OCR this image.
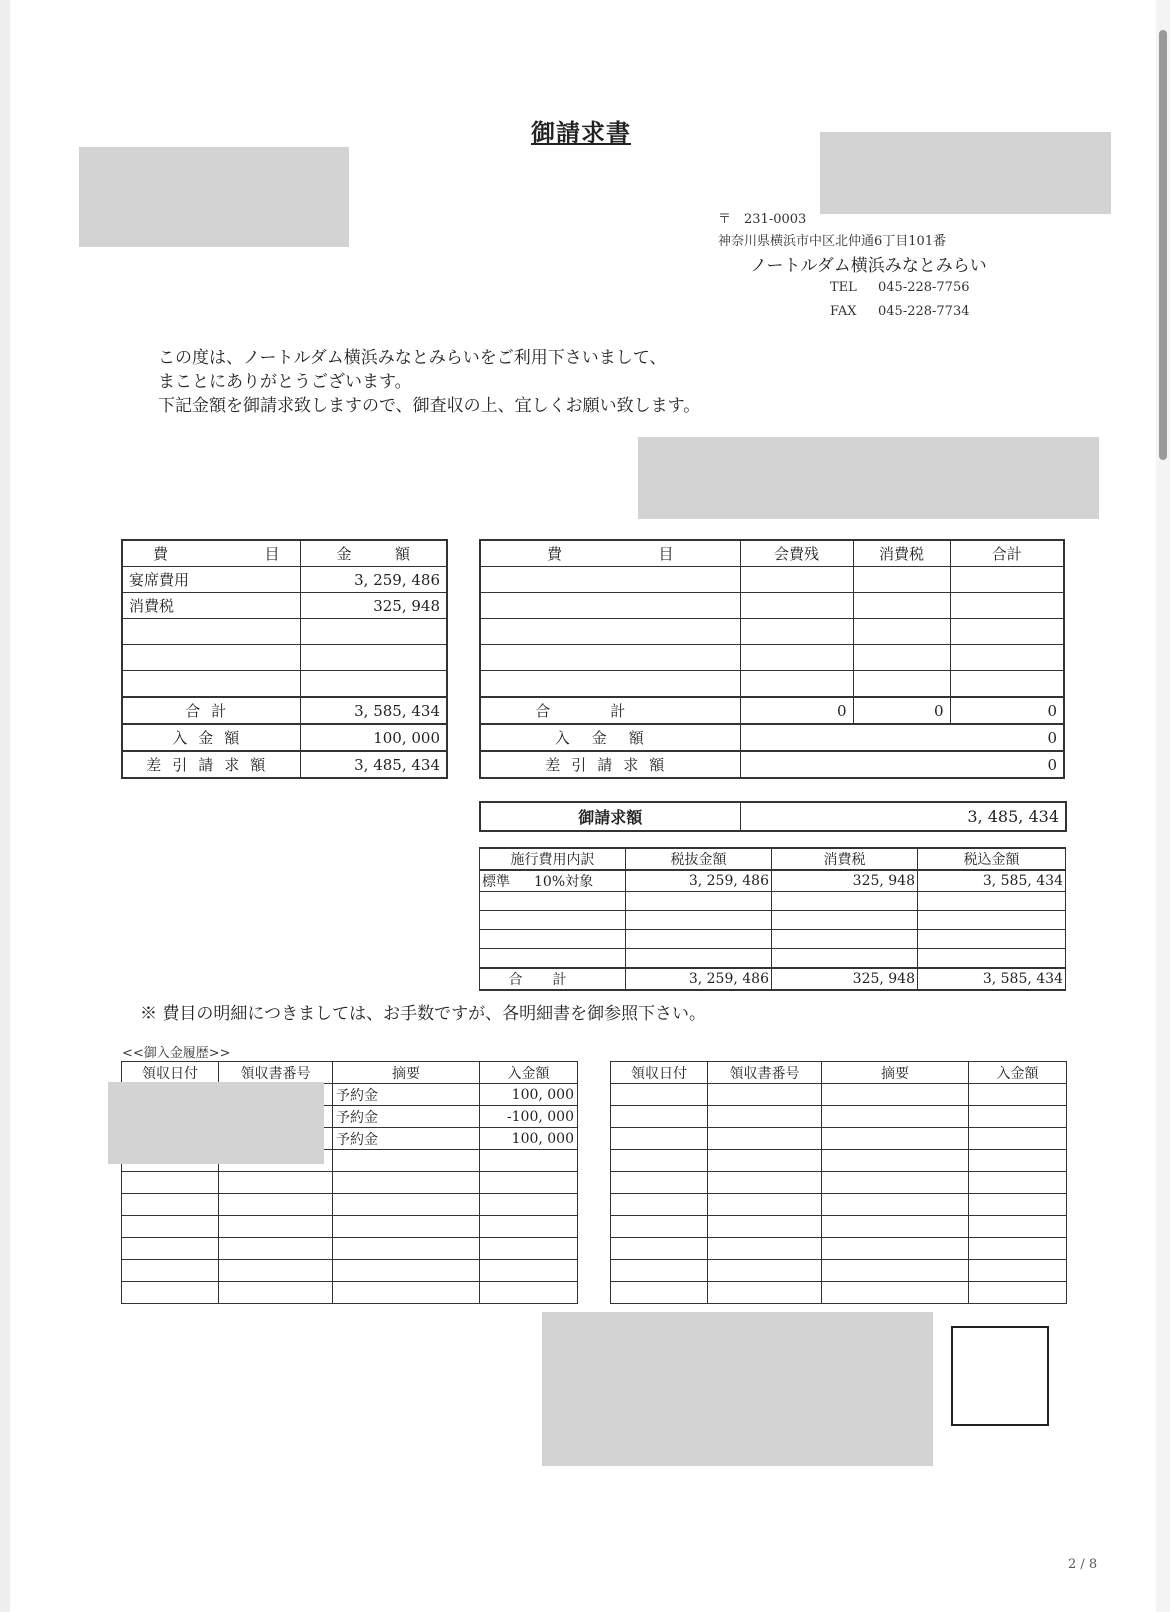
御請求書
〒　231-0003
神奈川県横浜市中区北仲通6丁目101番
ノートルダム横浜みなとみらい
TEL 045-228-7756
FAX 045-228-7734
この度は、ノートルダム横浜みなとみらいをご利用下さいまして、
まことにありがとうございます。
下記金額を御請求致しますので、御査収の上、宜しくお願い致します。
費 目	金 額

宴席費用	3, 259, 486
消費税	325, 948

合計	3, 585, 434
入金額	100, 000
差引請求額	3, 485, 434
費 目	会費残	消費税	合計

合計	0	0	0
入金額	0		
差引請求額	0		
御請求額	3, 485, 434
施行費用内訳	税抜金額	消費税	税込金額
標準 10%対象	3, 259, 486	325, 948	3, 585, 434

合計	3, 259, 486	325, 948	3, 585, 434
※ 費目の明細につきましては、お手数ですが、各明細書を御参照下さい。
<<御入金履歴>>
領収日付	領収書番号	摘要	入金額
		予約金	100, 000
		予約金	-100, 000
		予約金	100, 000

領収日付	領収書番号	摘要	入金額

2 / 8
